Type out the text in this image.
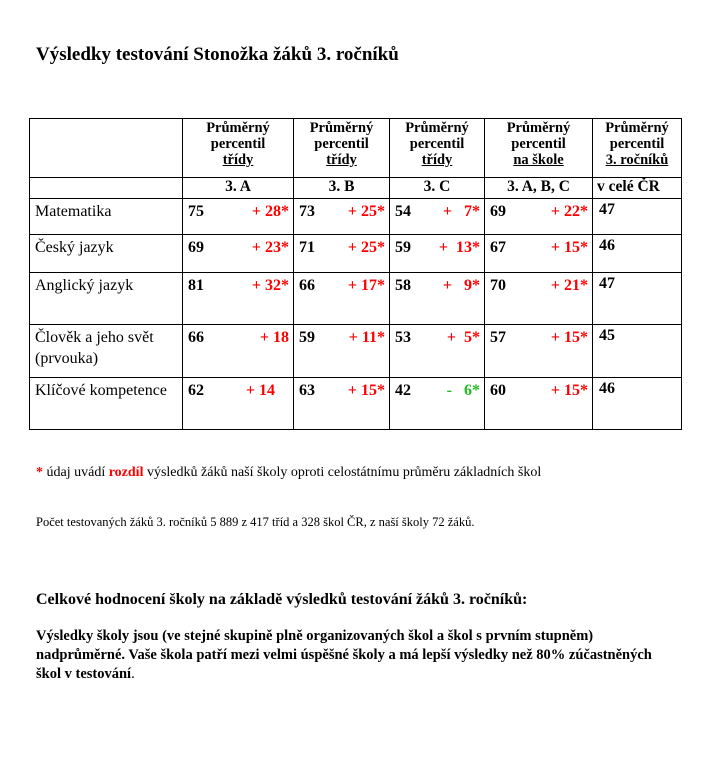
Výsledky testování Stonožka žáků 3. ročníků
	Průměrný
percentil
třídy	Průměrný
percentil
třídy	Průměrný
percentil
třídy	Průměrný
percentil
na škole	Průměrný
percentil
3. ročníků
	3. A	3. B	3. C	3. A, B, C	v celé ČR
Matematika	75 + 28*	73 + 25*	54 +   7*	69 + 22*	47
Český jazyk	69 + 23*	71 + 25*	59 +  13*	67 + 15*	46
Anglický jazyk	81 + 32*	66 + 17*	58 +   9*	70 + 21*	47
Člověk a jeho svět (prvouka)	66 + 18	59 + 11*	53 +  5*	57 + 15*	45
Klíčové kompetence	62 + 14	63 + 15*	42 -   6*	60 + 15*	46
* údaj uvádí rozdíl výsledků žáků naší školy oproti celostátnímu průměru základních škol
Počet testovaných žáků 3. ročníků 5 889 z 417 tříd a 328 škol ČR, z naší školy 72 žáků.
Celkové hodnocení školy na základě výsledků testování žáků 3. ročníků:
Výsledky školy jsou (ve stejné skupině plně organizovaných škol a škol s prvním stupněm) nadprůměrné. Vaše škola patří mezi velmi úspěšné školy a má lepší výsledky než 80% zúčastněných škol v testování.
